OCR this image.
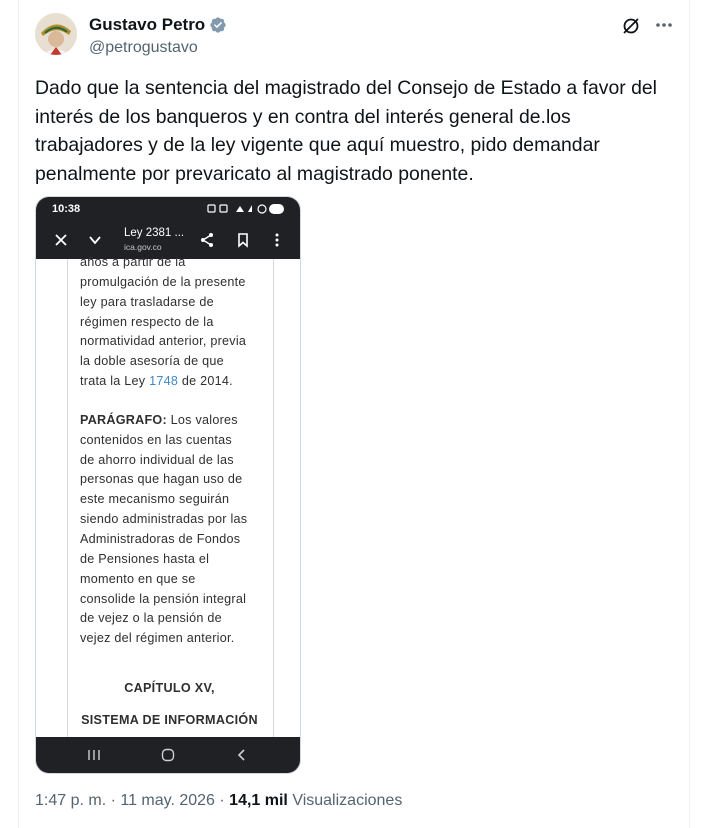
Gustavo Petro
@petrogustavo
Dado que la sentencia del magistrado del Consejo de Estado a favor del interés de los banqueros y en contra del interés general de.los trabajadores y de la ley vigente que aquí muestro, pido demandar penalmente por prevaricato al magistrado ponente.
10:38
Ley 2381 ...
ica.gov.co
años a partir de la
promulgación de la presente
ley para trasladarse de
régimen respecto de la
normatividad anterior, previa
la doble asesoría de que
trata la Ley 1748 de 2014.
PARÁGRAFO: Los valores
contenidos en las cuentas
de ahorro individual de las
personas que hagan uso de
este mecanismo seguirán
siendo administradas por las
Administradoras de Fondos
de Pensiones hasta el
momento en que se
consolide la pensión integral
de vejez o la pensión de
vejez del régimen anterior.
CAPÍTULO XV,
SISTEMA DE INFORMACIÓN
1:47 p. m. · 11 may. 2026 · 14,1 mil Visualizaciones
